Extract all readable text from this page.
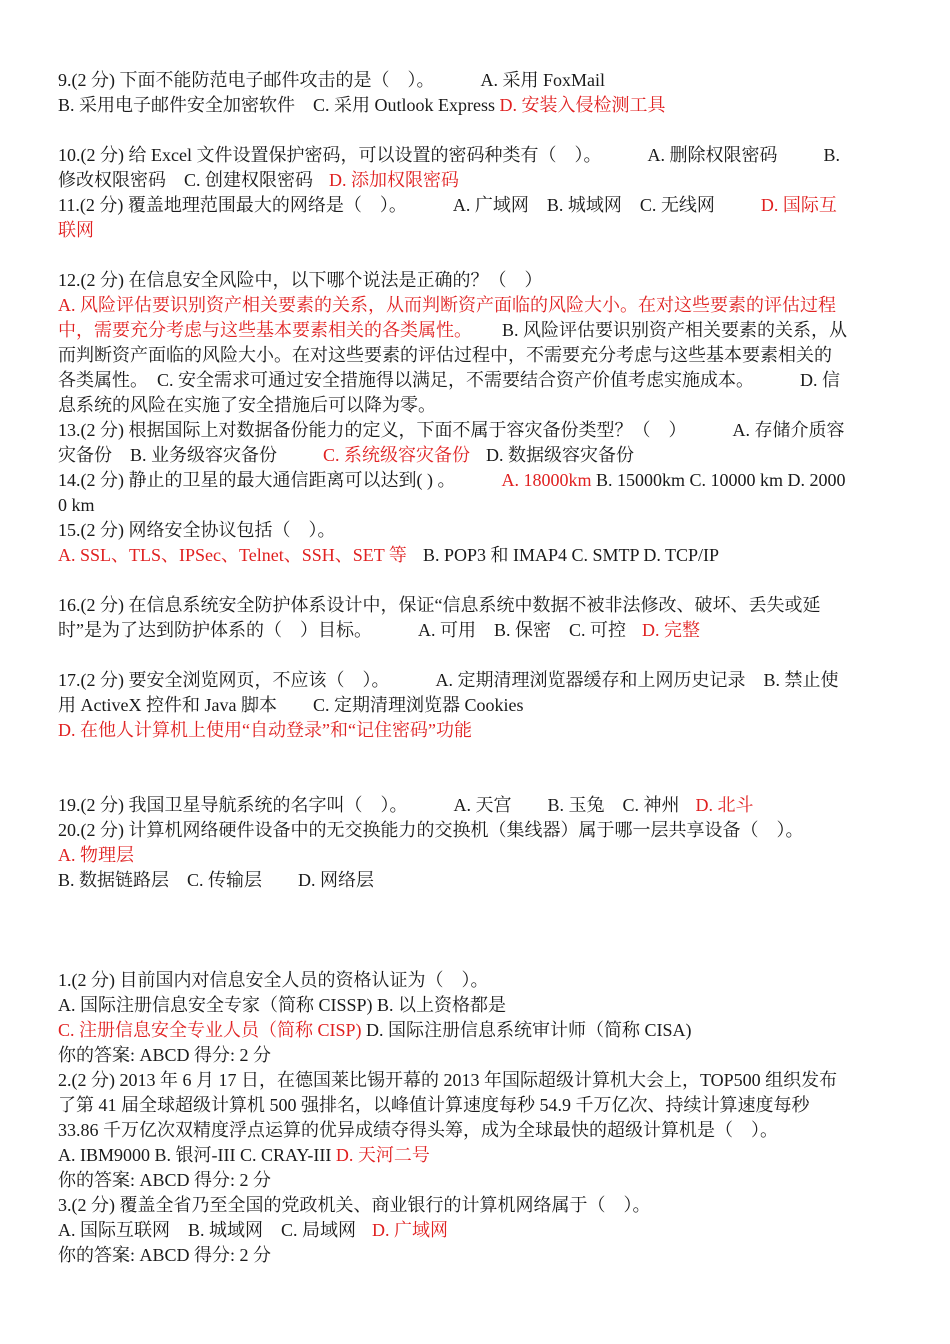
9.(2 分) 下面不能防范电子邮件攻击的是（　）。	A. 采用 FoxMail
B. 采用电子邮件安全加密软件　C. 采用 Outlook Express D. 安装入侵检测工具
10.(2 分) 给 Excel 文件设置保护密码，可以设置的密码种类有（　）。	A. 删除权限密码	B.
修改权限密码　C. 创建权限密码 D. 添加权限密码
11.(2 分) 覆盖地理范围最大的网络是（　）。	A. 广域网　B. 城域网　C. 无线网	D. 国际互
联网
12.(2 分) 在信息安全风险中，以下哪个说法是正确的？（　）
A. 风险评估要识别资产相关要素的关系，从而判断资产面临的风险大小。在对这些要素的评估过程
中，需要充分考虑与这些基本要素相关的各类属性。 B. 风险评估要识别资产相关要素的关系，从
而判断资产面临的风险大小。在对这些要素的评估过程中，不需要充分考虑与这些基本要素相关的
各类属性。　C. 安全需求可通过安全措施得以满足，不需要结合资产价值考虑实施成本。	D. 信
息系统的风险在实施了安全措施后可以降为零。
13.(2 分) 根据国际上对数据备份能力的定义，下面不属于容灾备份类型？（　）	A. 存储介质容
灾备份　B. 业务级容灾备份	C. 系统级容灾备份 D. 数据级容灾备份
14.(2 分) 静止的卫星的最大通信距离可以达到( ) 。	A. 18000km B. 15000km C. 10000 km D. 2000
0 km
15.(2 分) 网络安全协议包括（　）。
A. SSL、TLS、IPSec、Telnet、SSH、SET 等 B. POP3 和 IMAP4 C. SMTP D. TCP/IP
16.(2 分) 在信息系统安全防护体系设计中，保证“信息系统中数据不被非法修改、破坏、丢失或延
时”是为了达到防护体系的（　）目标。	A. 可用　B. 保密　C. 可控 D. 完整
17.(2 分) 要安全浏览网页，不应该（　）。	A. 定期清理浏览器缓存和上网历史记录　B. 禁止使
用 ActiveX 控件和 Java 脚本　　C. 定期清理浏览器 Cookies
D. 在他人计算机上使用“自动登录”和“记住密码”功能
19.(2 分) 我国卫星导航系统的名字叫（　）。	A. 天宫　　B. 玉兔　C. 神州 D. 北斗
20.(2 分) 计算机网络硬件设备中的无交换能力的交换机（集线器）属于哪一层共享设备（　）。
A. 物理层
B. 数据链路层　C. 传输层　　D. 网络层
1.(2 分) 目前国内对信息安全人员的资格认证为（　）。
A. 国际注册信息安全专家（简称 CISSP) B. 以上资格都是
C. 注册信息安全专业人员（简称 CISP) D. 国际注册信息系统审计师（简称 CISA)
你的答案: ABCD 得分: 2 分
2.(2 分) 2013 年 6 月 17 日，在德国莱比锡开幕的 2013 年国际超级计算机大会上，TOP500 组织发布
了第 41 届全球超级计算机 500 强排名，以峰值计算速度每秒 54.9 千万亿次、持续计算速度每秒
33.86 千万亿次双精度浮点运算的优异成绩夺得头筹，成为全球最快的超级计算机是（　）。
A. IBM9000 B. 银河-III C. CRAY-III D. 天河二号
你的答案: ABCD 得分: 2 分
3.(2 分) 覆盖全省乃至全国的党政机关、商业银行的计算机网络属于（　）。
A. 国际互联网　B. 城域网　C. 局域网 D. 广域网
你的答案: ABCD 得分: 2 分
